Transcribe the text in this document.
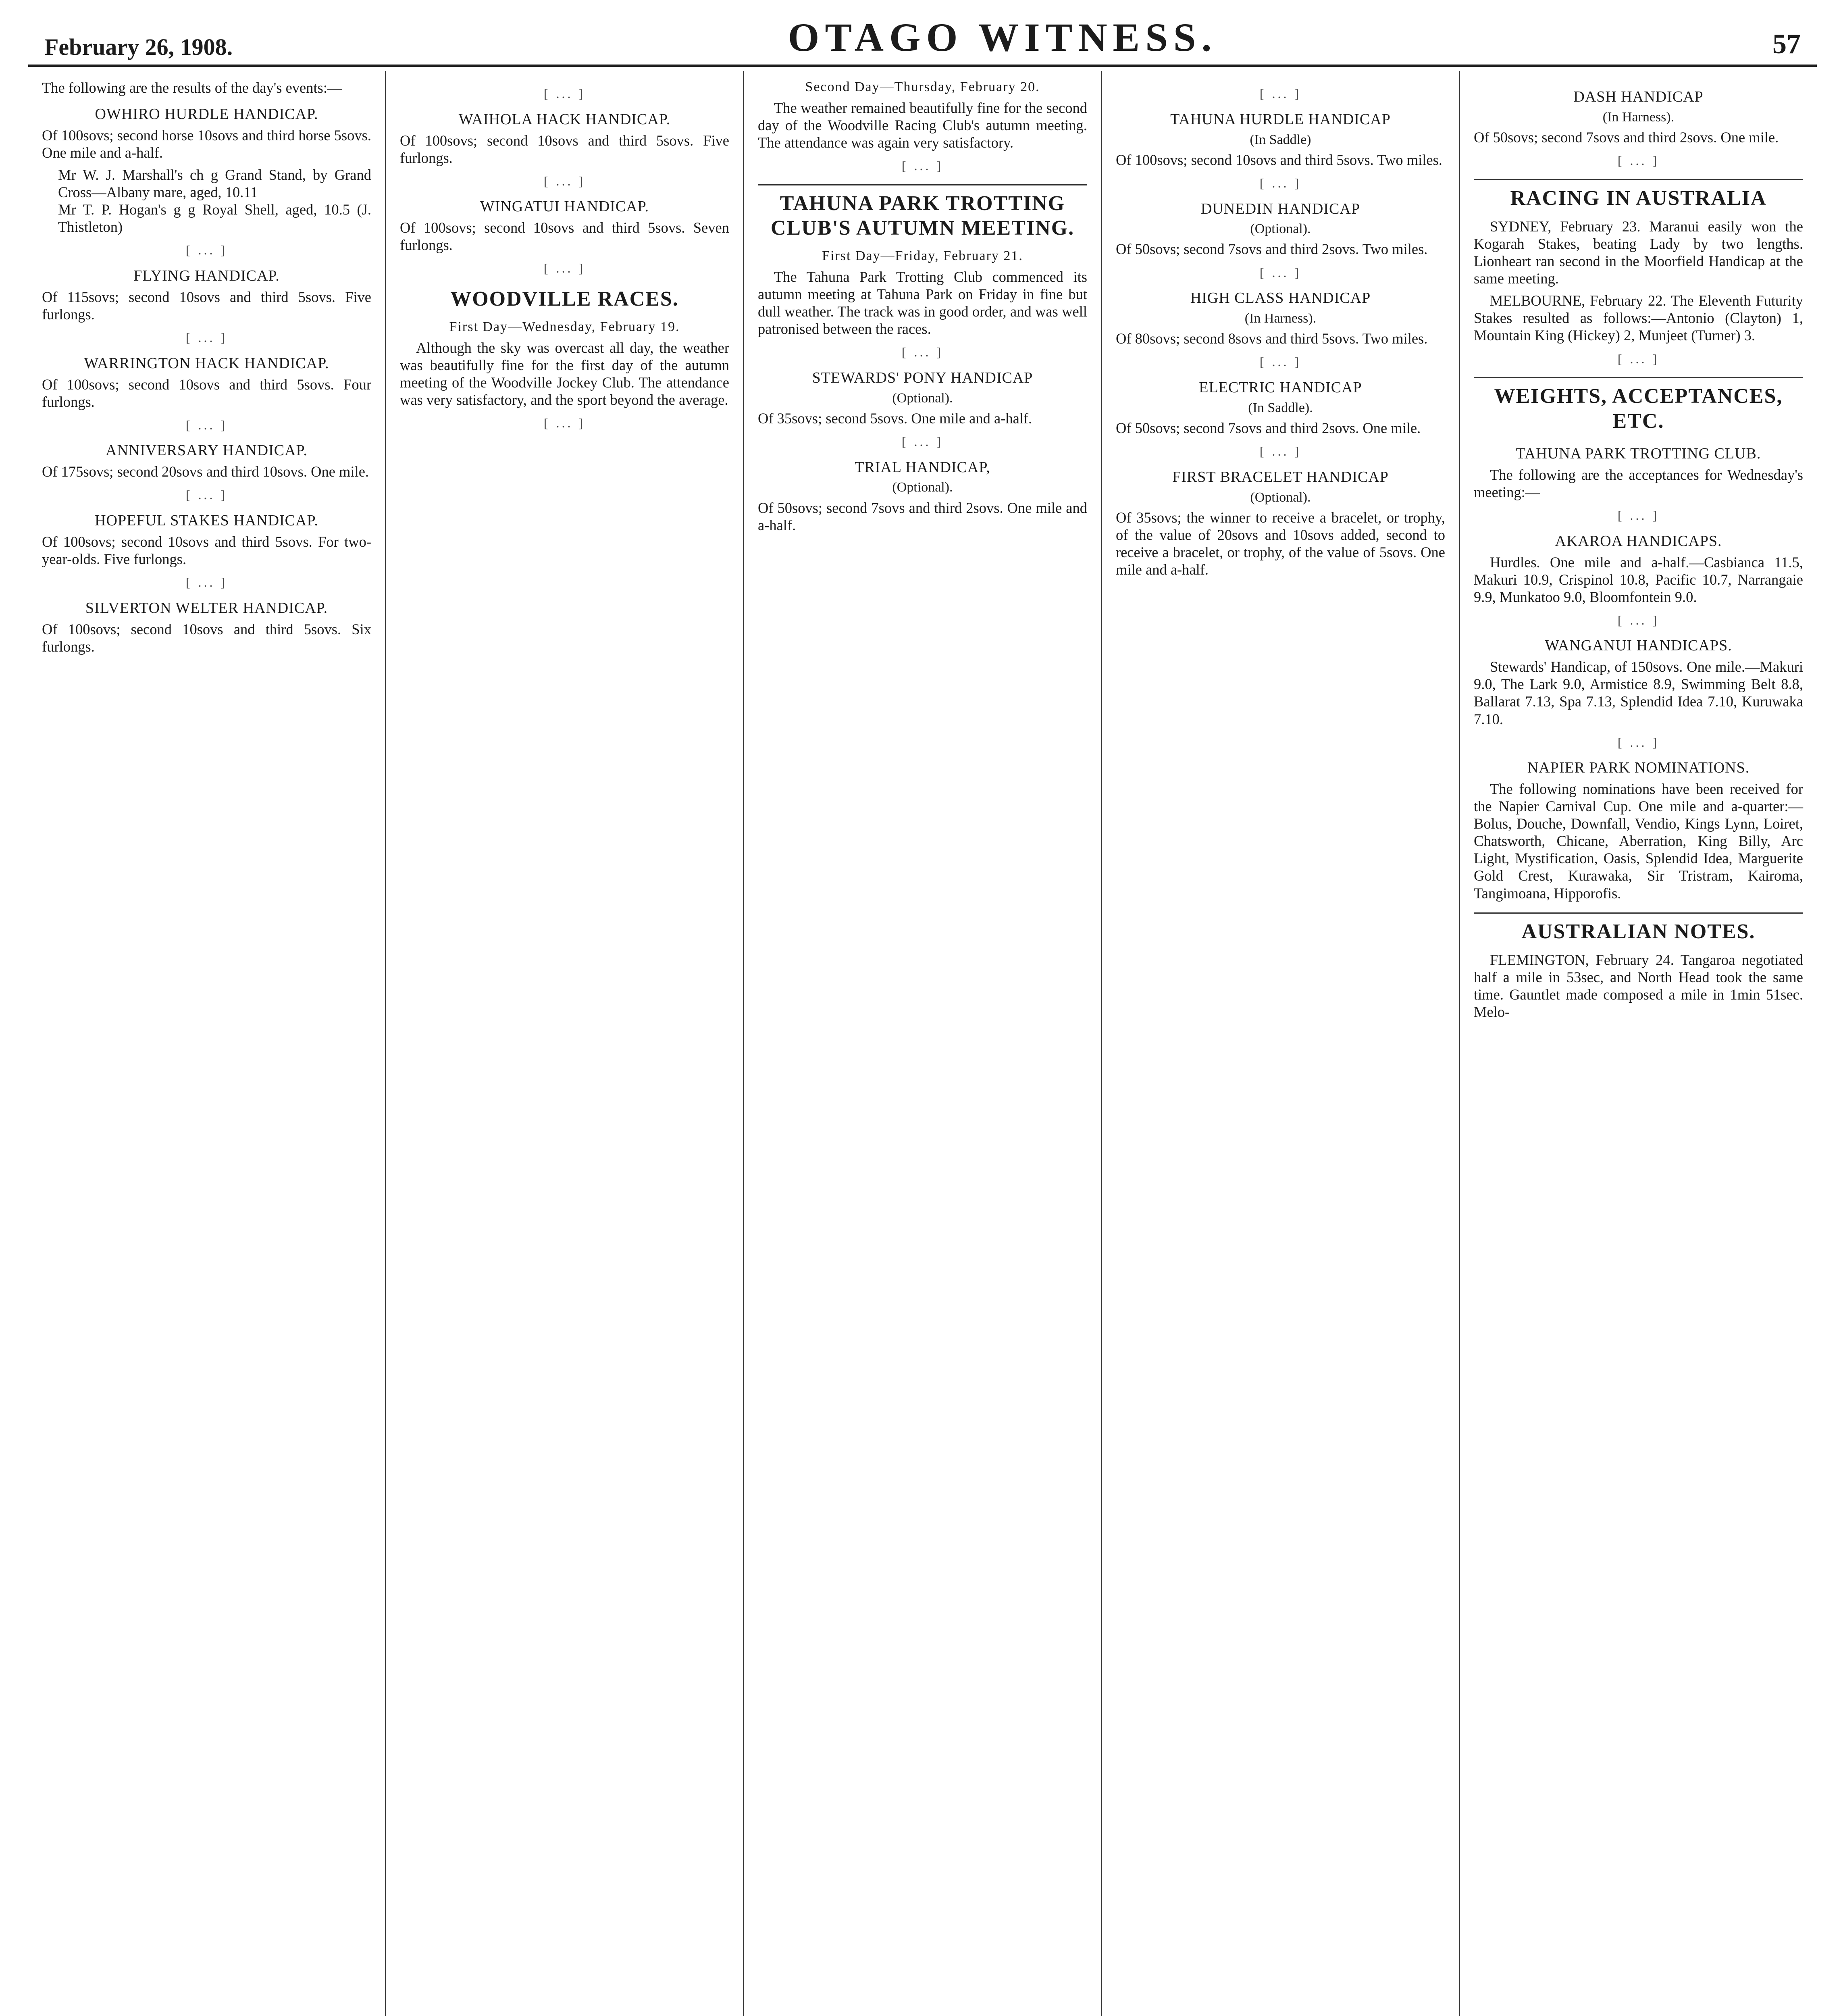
February 26, 1908.	OTAGO WITNESS.	57

The following are the results of the day's events:—

OWHIRO HURDLE HANDICAP.

Of 100sovs; second horse 10sovs and third horse 5sovs. One mile and a-half.

Mr W. J. Marshall's ch g Grand Stand, by Grand Cross—Albany mare, aged, 10.11

Mr T. P. Hogan's g g Royal Shell, aged, 10.5 (J. Thistleton)

[ ... ]
FLYING HANDICAP.

Of 115sovs; second 10sovs and third 5sovs. Five furlongs.

[ ... ]
WARRINGTON HACK HANDICAP.

Of 100sovs; second 10sovs and third 5sovs. Four furlongs.

[ ... ]
ANNIVERSARY HANDICAP.

Of 175sovs; second 20sovs and third 10sovs. One mile.

[ ... ]
HOPEFUL STAKES HANDICAP.

Of 100sovs; second 10sovs and third 5sovs. For two-year-olds. Five furlongs.

[ ... ]
SILVERTON WELTER HANDICAP.

Of 100sovs; second 10sovs and third 5sovs. Six furlongs.

[ ... ]
WAIHOLA HACK HANDICAP.

Of 100sovs; second 10sovs and third 5sovs. Five furlongs.

[ ... ]
WINGATUI HANDICAP.

Of 100sovs; second 10sovs and third 5sovs. Seven furlongs.

[ ... ]
WOODVILLE RACES.
First Day—Wednesday, February 19.

Although the sky was overcast all day, the weather was beautifully fine for the first day of the autumn meeting of the Woodville Jockey Club. The attendance was very satisfactory, and the sport beyond the average.

[ ... ]
Second Day—Thursday, February 20.

The weather remained beautifully fine for the second day of the Woodville Racing Club's autumn meeting. The attendance was again very satisfactory.

[ ... ]
TAHUNA PARK TROTTING CLUB'S AUTUMN MEETING.
First Day—Friday, February 21.

The Tahuna Park Trotting Club commenced its autumn meeting at Tahuna Park on Friday in fine but dull weather. The track was in good order, and was well patronised between the races.

[ ... ]
STEWARDS' PONY HANDICAP
(Optional).

Of 35sovs; second 5sovs. One mile and a-half.

[ ... ]
TRIAL HANDICAP,
(Optional).

Of 50sovs; second 7sovs and third 2sovs. One mile and a-half.

[ ... ]
TAHUNA HURDLE HANDICAP
(In Saddle)

Of 100sovs; second 10sovs and third 5sovs. Two miles.

[ ... ]
DUNEDIN HANDICAP
(Optional).

Of 50sovs; second 7sovs and third 2sovs. Two miles.

[ ... ]
HIGH CLASS HANDICAP
(In Harness).

Of 80sovs; second 8sovs and third 5sovs. Two miles.

[ ... ]
ELECTRIC HANDICAP
(In Saddle).

Of 50sovs; second 7sovs and third 2sovs. One mile.

[ ... ]
FIRST BRACELET HANDICAP
(Optional).

Of 35sovs; the winner to receive a bracelet, or trophy, of the value of 20sovs and 10sovs added, second to receive a bracelet, or trophy, of the value of 5sovs. One mile and a-half.

DASH HANDICAP
(In Harness).

Of 50sovs; second 7sovs and third 2sovs. One mile.

[ ... ]
RACING IN AUSTRALIA

SYDNEY, February 23. Maranui easily won the Kogarah Stakes, beating Lady by two lengths. Lionheart ran second in the Moorfield Handicap at the same meeting.

MELBOURNE, February 22. The Eleventh Futurity Stakes resulted as follows:—Antonio (Clayton) 1, Mountain King (Hickey) 2, Munjeet (Turner) 3.

[ ... ]
WEIGHTS, ACCEPTANCES, ETC.
TAHUNA PARK TROTTING CLUB.

The following are the acceptances for Wednesday's meeting:—

[ ... ]
AKAROA HANDICAPS.

Hurdles. One mile and a-half.—Casbianca 11.5, Makuri 10.9, Crispinol 10.8, Pacific 10.7, Narrangaie 9.9, Munkatoo 9.0, Bloomfontein 9.0.

[ ... ]
WANGANUI HANDICAPS.

Stewards' Handicap, of 150sovs. One mile.—Makuri 9.0, The Lark 9.0, Armistice 8.9, Swimming Belt 8.8, Ballarat 7.13, Spa 7.13, Splendid Idea 7.10, Kuruwaka 7.10.

[ ... ]
NAPIER PARK NOMINATIONS.

The following nominations have been received for the Napier Carnival Cup. One mile and a-quarter:—Bolus, Douche, Downfall, Vendio, Kings Lynn, Loiret, Chatsworth, Chicane, Aberration, King Billy, Arc Light, Mystification, Oasis, Splendid Idea, Marguerite Gold Crest, Kurawaka, Sir Tristram, Kairoma, Tangimoana, Hipporofis.

AUSTRALIAN NOTES.

FLEMINGTON, February 24. Tangaroa negotiated half a mile in 53sec, and North Head took the same time. Gauntlet made composed a mile in 1min 51sec. Melo-
